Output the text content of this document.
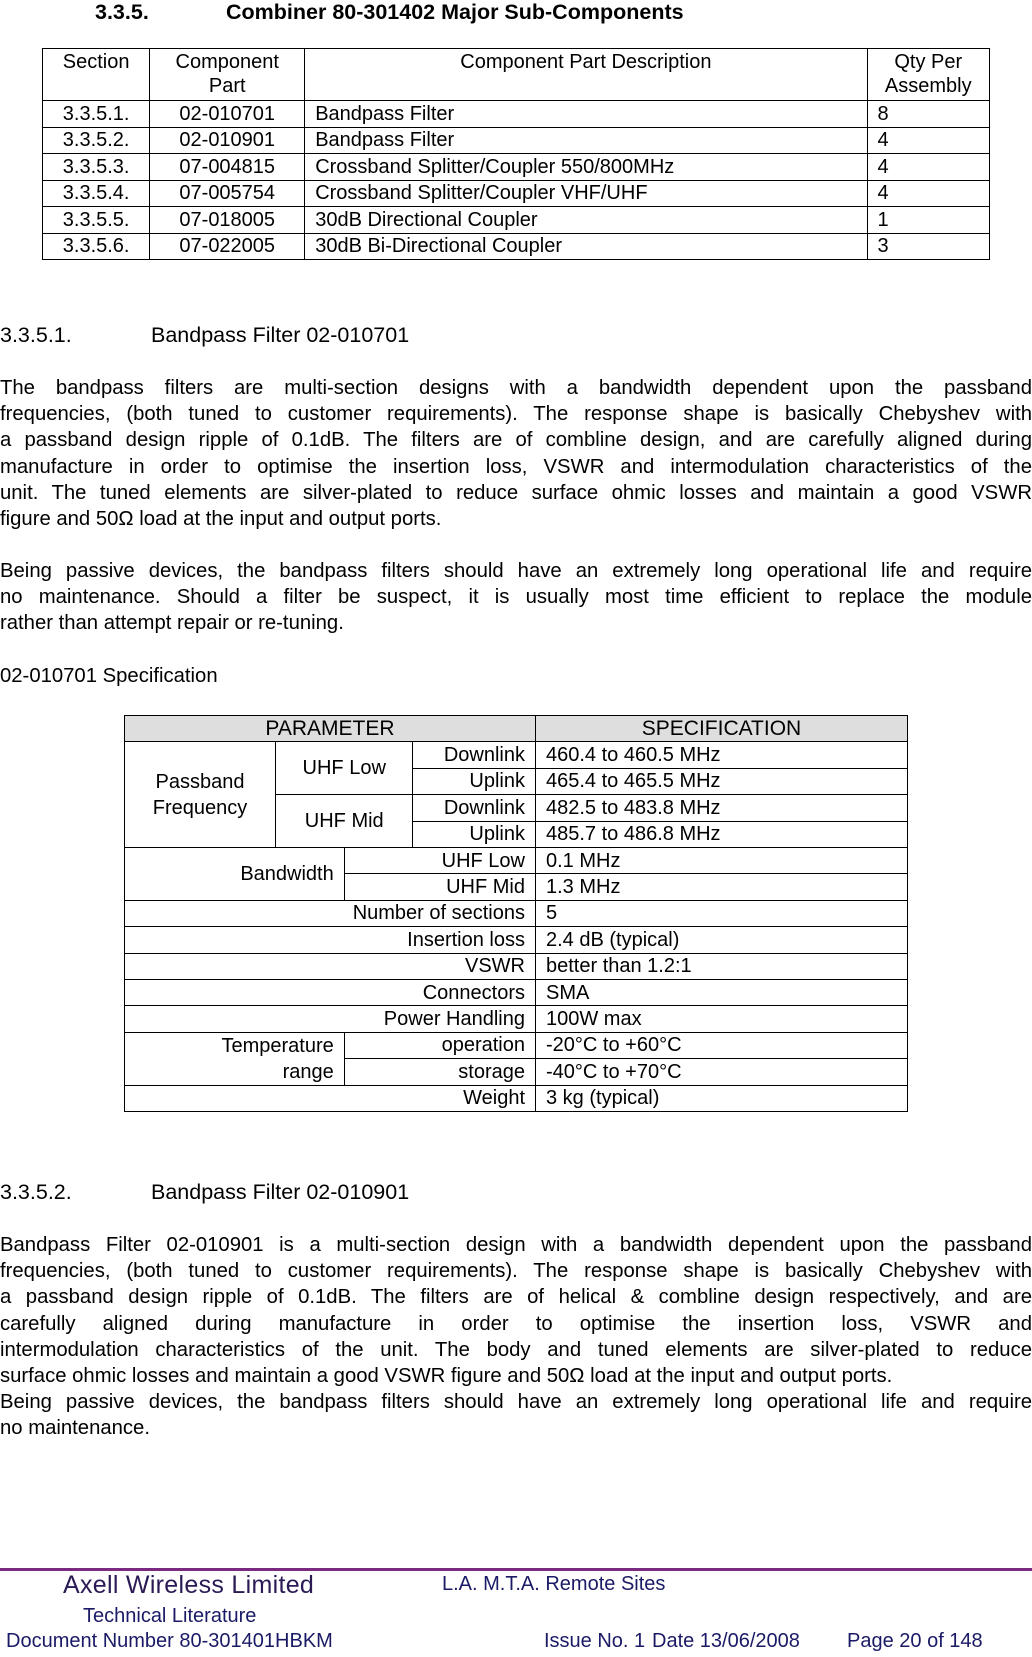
3.3.5.	Combiner 80-301402 Major Sub-Components
Section	Component Part	Component Part Description	Qty Per Assembly
3.3.5.1.	02-010701	Bandpass Filter	8
3.3.5.2.	02-010901	Bandpass Filter	4
3.3.5.3.	07-004815	Crossband Splitter/Coupler 550/800MHz	4
3.3.5.4.	07-005754	Crossband Splitter/Coupler VHF/UHF	4
3.3.5.5.	07-018005	30dB Directional Coupler	1
3.3.5.6.	07-022005	30dB Bi-Directional Coupler	3
3.3.5.1.	Bandpass Filter 02-010701
The bandpass filters are multi-section designs with a bandwidth dependent upon the passband
frequencies, (both tuned to customer requirements). The response shape is basically Chebyshev with
a passband design ripple of 0.1dB. The filters are of combline design, and are carefully aligned during
manufacture in order to optimise the insertion loss, VSWR and intermodulation characteristics of the
unit. The tuned elements are silver-plated to reduce surface ohmic losses and maintain a good VSWR
figure and 50Ω load at the input and output ports.
Being passive devices, the bandpass filters should have an extremely long operational life and require
no maintenance. Should a filter be suspect, it is usually most time efficient to replace the module
rather than attempt repair or re-tuning.
02-010701 Specification
PARAMETER				SPECIFICATION
Passband
Frequency	UHF Low		Downlink	460.4 to 460.5 MHz
			Uplink	465.4 to 465.5 MHz
	UHF Mid		Downlink	482.5 to 483.8 MHz
			Uplink	485.7 to 486.8 MHz
Bandwidth		UHF Low		0.1 MHz
		UHF Mid		1.3 MHz
Number of sections				5
Insertion loss				2.4 dB (typical)
VSWR				better than 1.2:1
Connectors				SMA
Power Handling				100W max
Temperature
range		operation		-20°C to +60°C
		storage		-40°C to +70°C
Weight				3 kg (typical)
3.3.5.2.	Bandpass Filter 02-010901
Bandpass Filter 02-010901 is a multi-section design with a bandwidth dependent upon the passband
frequencies, (both tuned to customer requirements). The response shape is basically Chebyshev with
a passband design ripple of 0.1dB. The filters are of helical & combline design respectively, and are
carefully aligned during manufacture in order to optimise the insertion loss, VSWR and
intermodulation characteristics of the unit. The body and tuned elements are silver-plated to reduce
surface ohmic losses and maintain a good VSWR figure and 50Ω load at the input and output ports.
Being passive devices, the bandpass filters should have an extremely long operational life and require
no maintenance.
Axell Wireless Limited	L.A. M.T.A. Remote Sites
Technical Literature
Document Number 80-301401HBKM	Issue No. 1 Date 13/06/2008 Page 20 of 148
